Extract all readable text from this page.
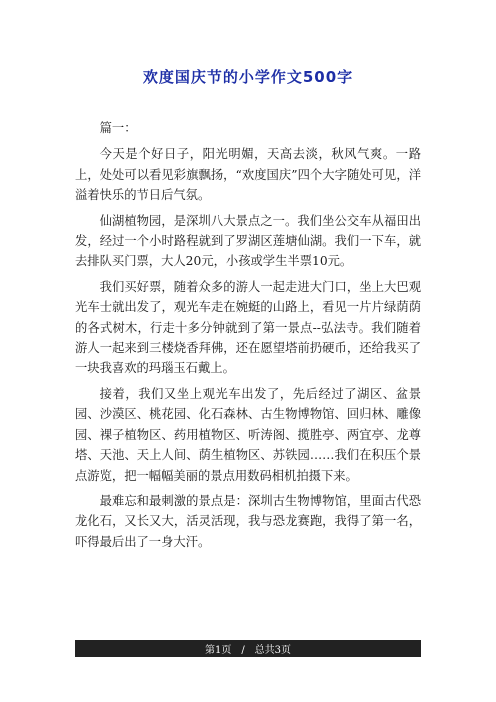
欢度国庆节的小学作文500字

篇一：

今天是个好日子，阳光明媚，天高去淡，秋风气爽。一路上，处处可以看见彩旗飘扬，“欢度国庆”四个大字随处可见，洋溢着快乐的节日后气氛。

仙湖植物园，是深圳八大景点之一。我们坐公交车从福田出发，经过一个小时路程就到了罗湖区莲塘仙湖。我们一下车，就去排队买门票，大人20元，小孩或学生半票10元。

我们买好票，随着众多的游人一起走进大门口，坐上大巴观光车士就出发了，观光车走在婉蜓的山路上，看见一片片绿荫荫的各式树木，行走十多分钟就到了第一景点--弘法寺。我们随着游人一起来到三楼烧香拜佛，还在愿望塔前扔硬币，还给我买了一块我喜欢的玛瑙玉石戴上。

接着，我们又坐上观光车出发了，先后经过了湖区、盆景园、沙漠区、桃花园、化石森林、古生物博物馆、回归林、雕像园、裸子植物区、药用植物区、听涛阁、揽胜亭、两宜亭、龙尊塔、天池、天上人间、荫生植物区、苏铁园……我们在积压个景点游览，把一幅幅美丽的景点用数码相机拍摄下来。

最难忘和最刺激的景点是：深圳古生物博物馆，里面古代恐龙化石，又长又大，活灵活现，我与恐龙赛跑，我得了第一名，吓得最后出了一身大汗。

第1页　/　总共3页
